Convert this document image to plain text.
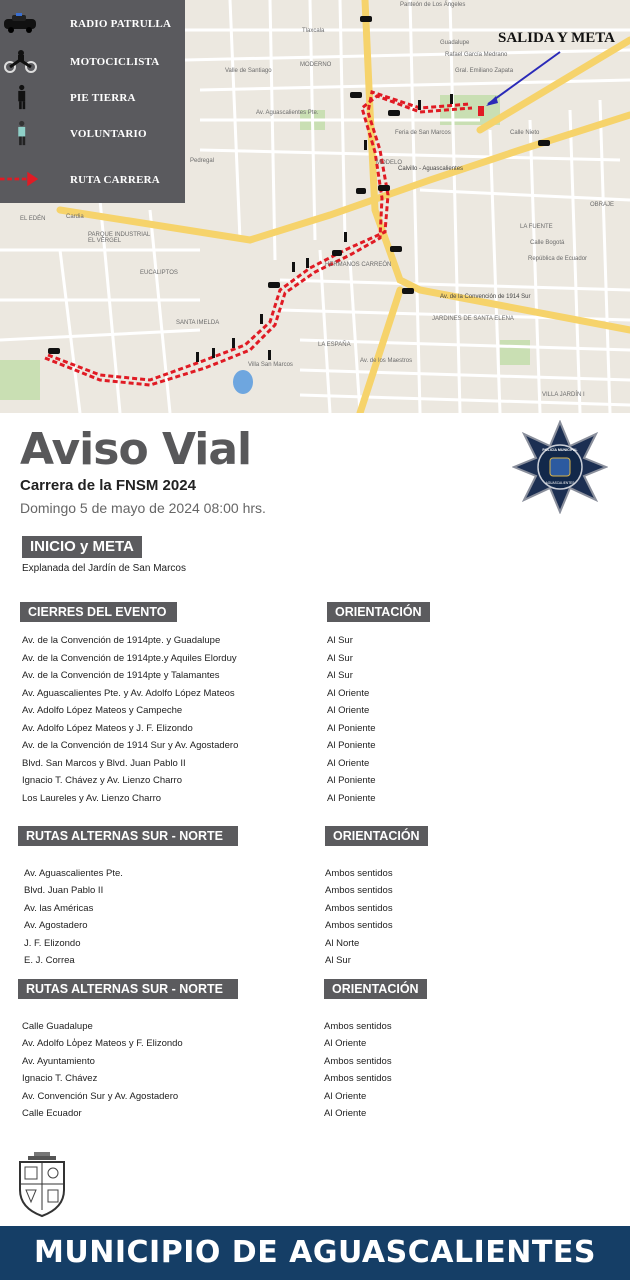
Panteón de Los Ángeles
Tlaxcala
MODERNO
Valle de Santiago
Guadalupe
Rafael García Medrano
Gral. Emiliano Zapata
Feria de San Marcos
MODELO
Calvillo - Aguascalientes
Av. de la Convención de 1914 Sur
EL EDÉN
PARQUE INDUSTRIAL EL VERGEL
EUCALIPTOS
SANTA IMELDA
HERMANOS CARREÓN
LA ESPAÑA
JARDINES DE SANTA ELENA
LA FUENTE
Calle Bogotá
República de Ecuador
VILLA JARDÍN I
Villa San Marcos
OBRAJE
Calle Nieto
Av. Aguascalientes Pte.
Pedregal
Cardia
Av. de los Maestros
SALIDA Y META
RADIO PATRULLA
MOTOCICLISTA
PIE TIERRA
VOLUNTARIO
RUTA CARRERA
Aviso Vial
Carrera de la FNSM 2024
Domingo 5 de mayo de 2024 08:00 hrs.
POLICÍA MUNICIPAL
AGUASCALIENTES
INICIO y META
Explanada del Jardín de San Marcos
CIERRES DEL EVENTO	ORIENTACIÓN
Av. de la Convención de 1914pte. y Guadalupe	Al Sur
Av. de la Convención de 1914pte.y Aquiles Elorduy	Al Sur
Av. de la Convención de 1914pte y Talamantes	Al Sur
Av. Aguascalientes Pte. y Av. Adolfo López Mateos	Al Oriente
Av. Adolfo López Mateos y Campeche	Al Oriente
Av. Adolfo López Mateos y J. F. Elizondo	Al Poniente
Av. de la Convención de 1914 Sur y Av. Agostadero	Al Poniente
Blvd. San Marcos y Blvd. Juan Pablo II	Al Oriente
Ignacio T. Chávez y Av. Lienzo Charro	Al Poniente
Los Laureles y Av. Lienzo Charro	Al Poniente
RUTAS ALTERNAS SUR - NORTE	ORIENTACIÓN
Av. Aguascalientes Pte.	Ambos sentidos
Blvd. Juan Pablo II	Ambos sentidos
Av. las Américas	Ambos sentidos
Av. Agostadero	Ambos sentidos
J. F. Elizondo	Al Norte
E. J. Correa	Al Sur
RUTAS ALTERNAS SUR - NORTE	ORIENTACIÓN
Calle Guadalupe	Ambos sentidos
Av. Adolfo Lo̓pez Mateos y F. Elizondo	Al Oriente
Av. Ayuntamiento	Ambos sentidos
Ignacio T. Chávez	Ambos sentidos
Av. Convención Sur y Av. Agostadero	Al Oriente
Calle Ecuador	Al Oriente
MUNICIPIO DE AGUASCALIENTES
